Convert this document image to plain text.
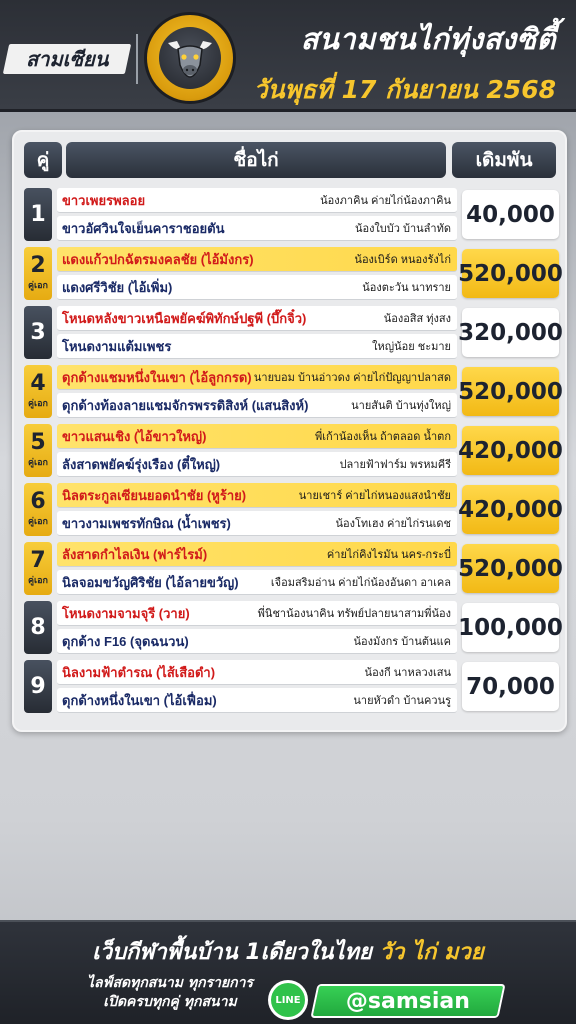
สามเซียน
สนามชนไก่ทุ่งสงซิตี้
วันพุธที่ 17 กันยายน 2568
คู่	ชื่อไก่	เดิมพัน
1
ขาวเพยรพลอย	น้องภาคิน ค่ายไก่น้องภาคิน
ขาวอัศวินใจเย็นคาราชอยตัน	น้องใบบัว บ้านลำทัด
40,000
2
คู่เอก
แดงแก้วปกฉัตรมงคลชัย (ไอ้มังกร)	น้องเบิร์ด หนองรังไก่
แดงศรีวิชัย (ไอ้เพิ่ม)	น้องตะวัน นาทราย
520,000
3
โหนดหลังขาวเหนือพยัคฆ์พิทักษ์ปฐพี (บึ๊กจิ๋ว)	น้องอสิส ทุ่งสง
โหนดงามแต้มเพชร	ใหญ่น้อย ชะมาย
320,000
4
คู่เอก
ดุกด้างแชมหนึ่งในเขา (ไอ้ลูกกรด) นายบอม บ้านอ่าวดง ค่ายไก่ปัญญาปลาสด
ดุกด้างท้องลายแชมจักรพรรดิสิงห์ (แสนสิงห์)	นายสันติ บ้านทุ่งใหญ่
520,000
5
คู่เอก
ขาวแสนเชิง (ไอ้ขาวใหญ่)	พี่เก้าน้องเห็น ถ้าตลอด น้ำตก
ลังสาดพยัคฆ์รุ่งเรือง (ตี๋ใหญ่)	ปลายฟ้าฟาร์ม พรหมคีรี
420,000
6
คู่เอก
นิลตระกูลเซียนยอดนำชัย (หูร้าย)	นายเชาร์ ค่ายไก่หนองแสงนำชัย
ขาวงามเพชรทักษิณ (น้ำเพชร)	น้องโทเฮง ค่ายไก่รนเดช
420,000
7
คู่เอก
ลังสาดกำไลเงิน (ฟาร์ไรม์)	ค่ายไก่คิงไรมัน นคร-กระบี่
นิลจอมขวัญศิริชัย (ไอ้ลายขวัญ)	เจือมสริมอ่าน ค่ายไก่น้องอันดา อาเคล
520,000
8
โหนดงามจามจุรี (วาย)	พี่นิชาน้องนาคิน ทรัพย์ปลายนาสามพี่น้อง
ดุกด้าง F16 (จุดฉนวน)	น้องมังกร บ้านต้นแค
100,000
9
นิลงามฟ้าตำรณ (ไส้เสือดำ)	น้องกี นาหลวงเสน
ดุกด้างหนึ่งในเขา (ไอ้เฟื่อม)	นายหัวดำ บ้านควนรู
70,000
เว็บกีฬาพื้นบ้าน 1เดียวในไทย วัว ไก่ มวย
ไลฟ์สดทุกสนาม ทุกรายการ
เปิดครบทุกคู่ ทุกสนาม	LINE @samsian
